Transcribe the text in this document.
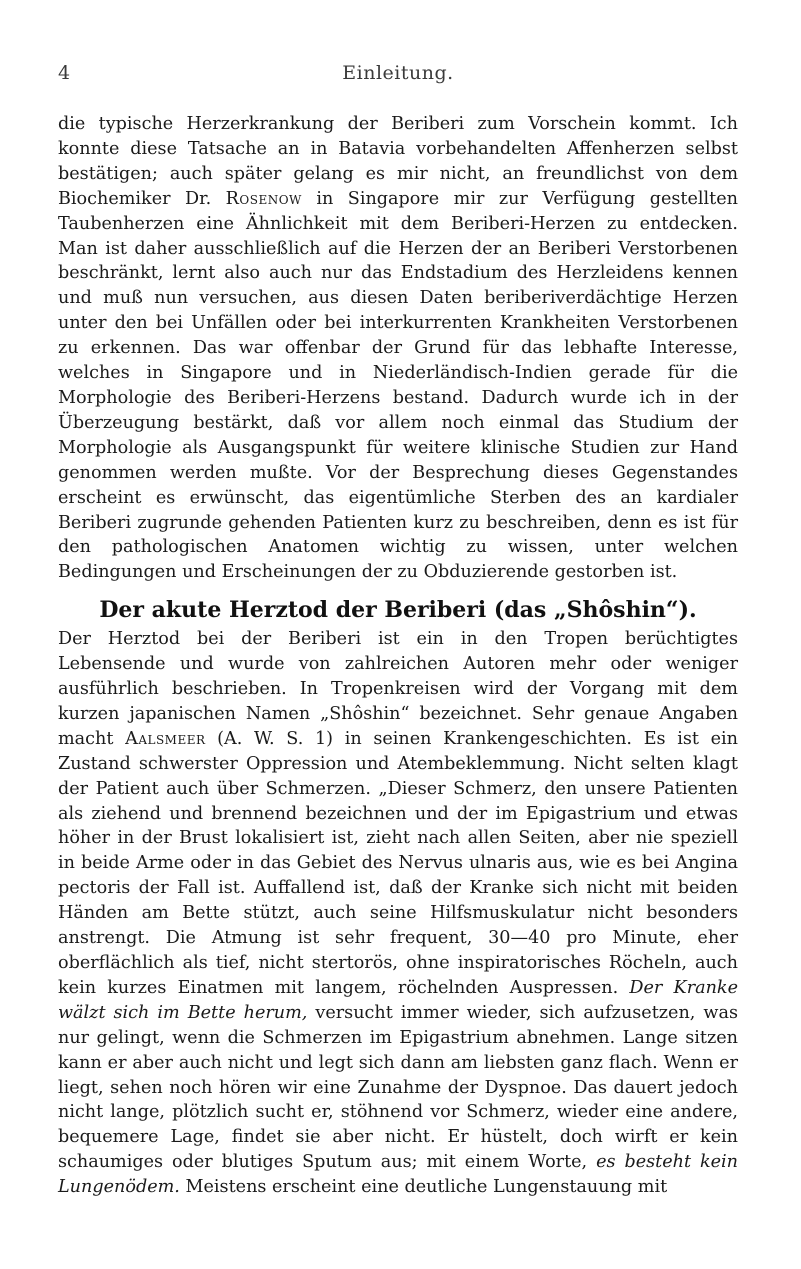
4	Einleitung.

die typische Herzerkrankung der Beriberi zum Vorschein kommt. Ich konnte diese Tatsache an in Batavia vorbehandelten Affenherzen selbst bestätigen; auch später gelang es mir nicht, an freundlichst von dem Biochemiker Dr. Rosenow in Singapore mir zur Verfügung gestellten Taubenherzen eine Ähnlichkeit mit dem Beriberi-Herzen zu entdecken. Man ist daher ausschließlich auf die Herzen der an Beriberi Verstorbenen beschränkt, lernt also auch nur das Endstadium des Herzleidens kennen und muß nun versuchen, aus diesen Daten beriberiverdächtige Herzen unter den bei Unfällen oder bei interkurrenten Krankheiten Verstorbenen zu erkennen. Das war offenbar der Grund für das lebhafte Interesse, welches in Singapore und in Niederländisch-Indien gerade für die Morphologie des Beriberi-Herzens bestand. Dadurch wurde ich in der Überzeugung bestärkt, daß vor allem noch einmal das Studium der Morphologie als Ausgangspunkt für weitere klinische Studien zur Hand genommen werden mußte. Vor der Besprechung dieses Gegenstandes erscheint es erwünscht, das eigentümliche Sterben des an kardialer Beriberi zugrunde gehenden Patienten kurz zu beschreiben, denn es ist für den pathologischen Anatomen wichtig zu wissen, unter welchen Bedingungen und Erscheinungen der zu Obduzierende gestorben ist.

Der akute Herztod der Beriberi (das „Shôshin“).

Der Herztod bei der Beriberi ist ein in den Tropen berüchtigtes Lebensende und wurde von zahlreichen Autoren mehr oder weniger ausführlich beschrieben. In Tropenkreisen wird der Vorgang mit dem kurzen japanischen Namen „Shôshin“ bezeichnet. Sehr genaue Angaben macht Aalsmeer (A. W. S. 1) in seinen Krankengeschichten. Es ist ein Zustand schwerster Oppression und Atembeklemmung. Nicht selten klagt der Patient auch über Schmerzen. „Dieser Schmerz, den unsere Patienten als ziehend und brennend bezeichnen und der im Epigastrium und etwas höher in der Brust lokalisiert ist, zieht nach allen Seiten, aber nie speziell in beide Arme oder in das Gebiet des Nervus ulnaris aus, wie es bei Angina pectoris der Fall ist. Auffallend ist, daß der Kranke sich nicht mit beiden Händen am Bette stützt, auch seine Hilfsmuskulatur nicht besonders anstrengt. Die Atmung ist sehr frequent, 30—40 pro Minute, eher oberflächlich als tief, nicht stertorös, ohne inspiratorisches Röcheln, auch kein kurzes Einatmen mit langem, röchelnden Auspressen. Der Kranke wälzt sich im Bette herum, versucht immer wieder, sich aufzusetzen, was nur gelingt, wenn die Schmerzen im Epigastrium abnehmen. Lange sitzen kann er aber auch nicht und legt sich dann am liebsten ganz flach. Wenn er liegt, sehen noch hören wir eine Zunahme der Dyspnoe. Das dauert jedoch nicht lange, plötzlich sucht er, stöhnend vor Schmerz, wieder eine andere, bequemere Lage, findet sie aber nicht. Er hüstelt, doch wirft er kein schaumiges oder blutiges Sputum aus; mit einem Worte, es besteht kein Lungenödem. Meistens erscheint eine deutliche Lungenstauung mit
